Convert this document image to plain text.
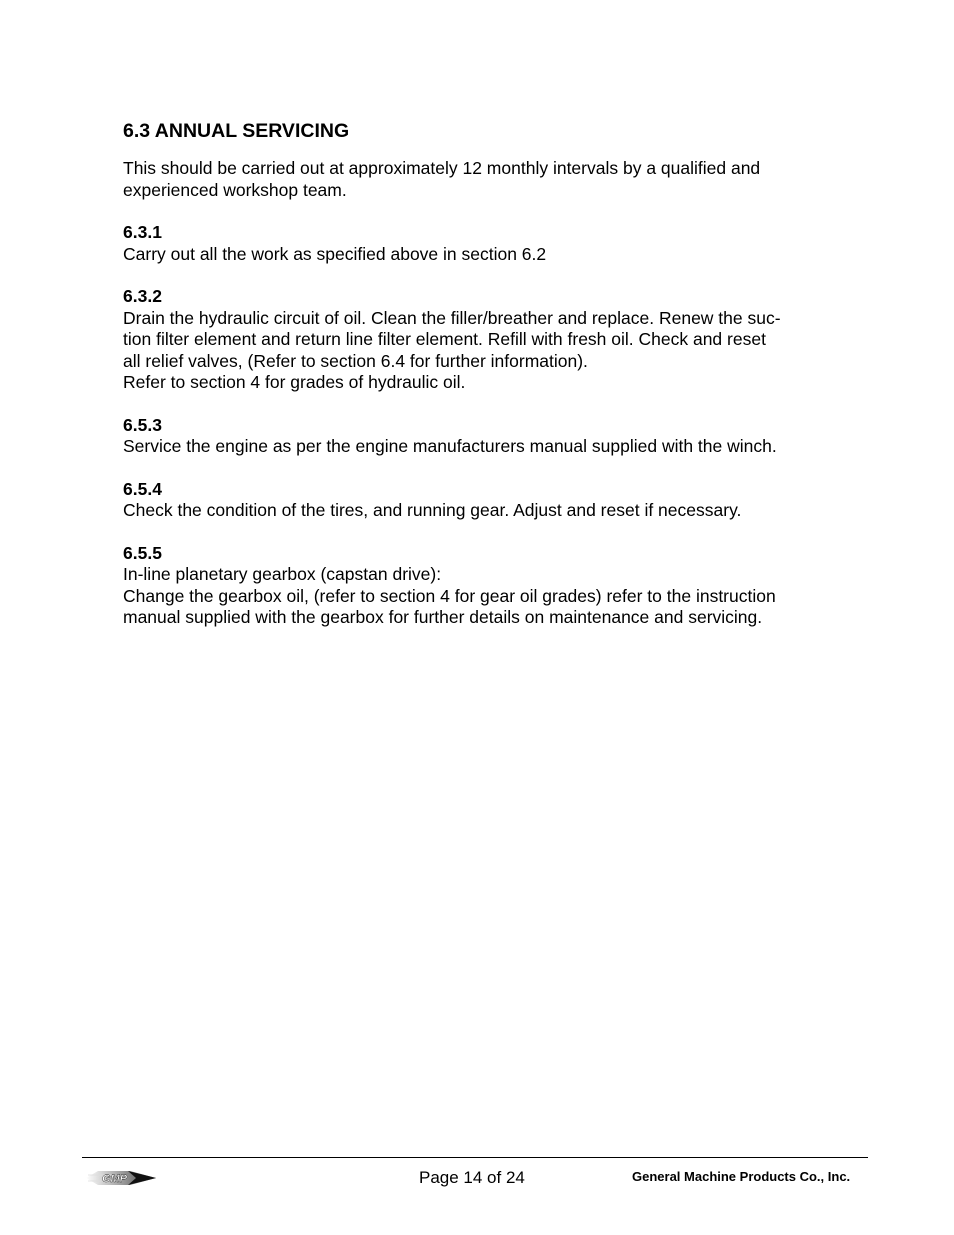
6.3 ANNUAL SERVICING

This should be carried out at approximately 12 monthly intervals by a qualified and
experienced workshop team.

6.3.1

Carry out all the work as specified above in section 6.2

6.3.2

Drain the hydraulic circuit of oil. Clean the filler/breather and replace. Renew the suc-
tion filter element and return line filter element. Refill with fresh oil. Check and reset
all relief valves, (Refer to section 6.4 for further information).
Refer to section 4 for grades of hydraulic oil.

6.5.3

Service the engine as per the engine manufacturers manual supplied with the winch.

6.5.4

Check the condition of the tires, and running gear. Adjust and reset if necessary.

6.5.5

In-line planetary gearbox (capstan drive):
Change the gearbox oil, (refer to section 4 for gear oil grades) refer to the instruction
manual supplied with the gearbox for further details on maintenance and servicing.

GMP	Page 14 of 24	General Machine Products Co., Inc.
